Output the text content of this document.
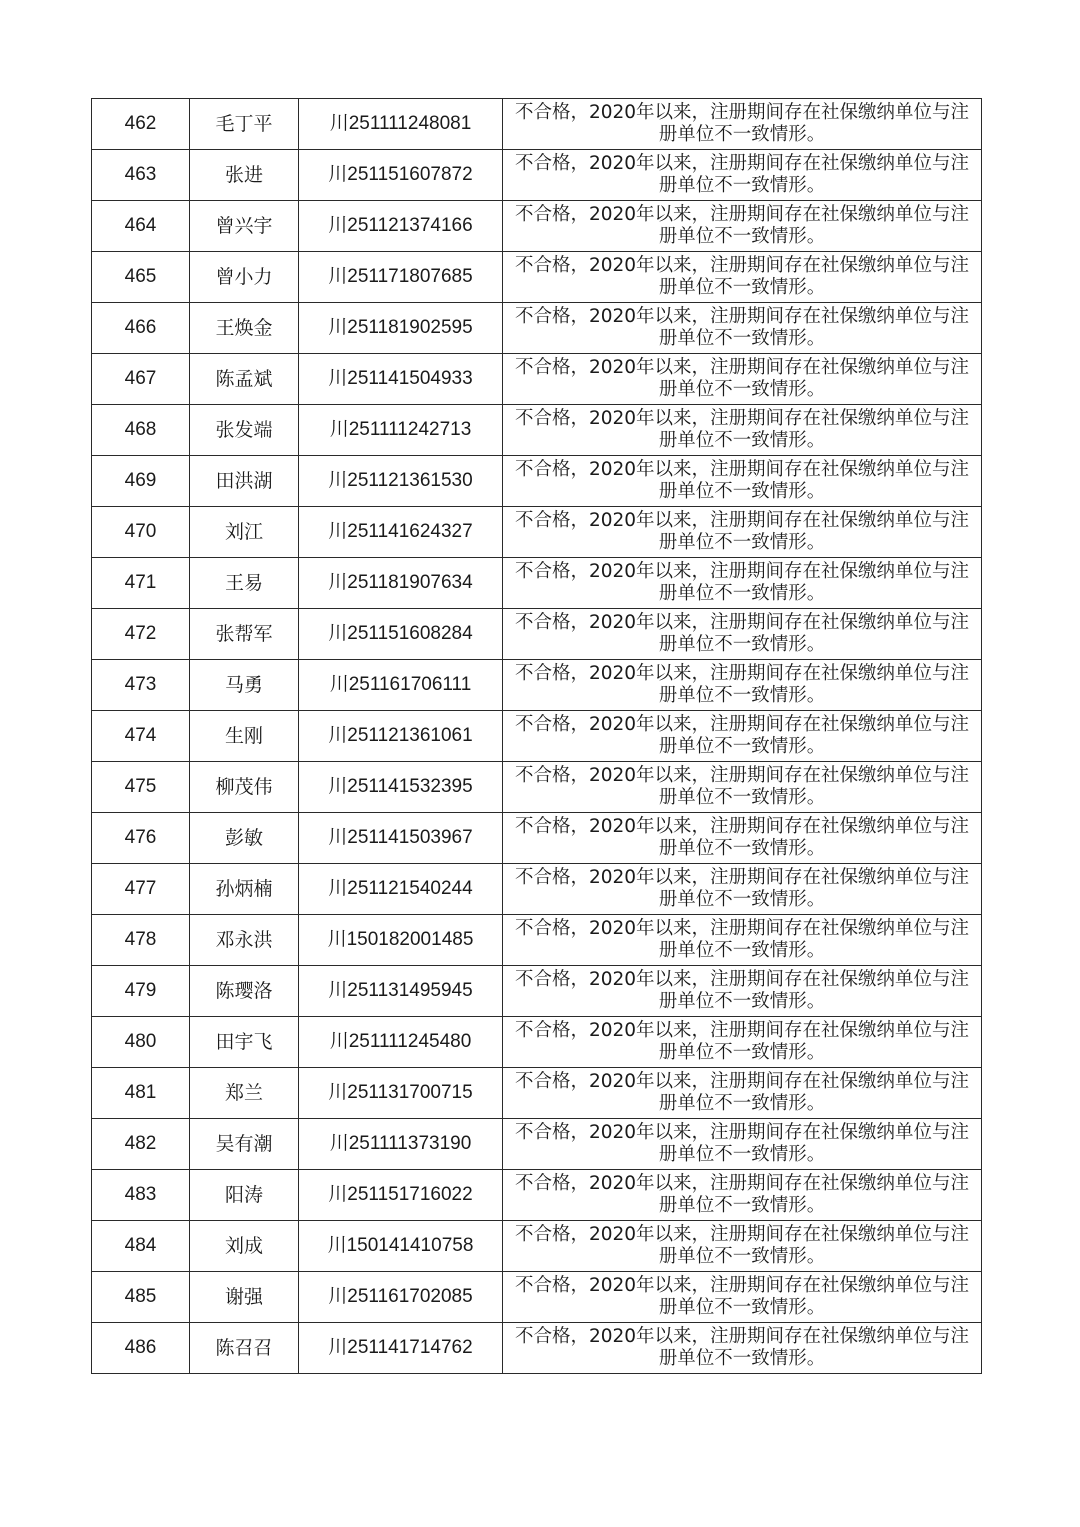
462	毛丁平	川251111248081	不合格，2020年以来，注册期间存在社保缴纳单位与注册单位不一致情形。
463	张进	川251151607872	不合格，2020年以来，注册期间存在社保缴纳单位与注册单位不一致情形。
464	曾兴宇	川251121374166	不合格，2020年以来，注册期间存在社保缴纳单位与注册单位不一致情形。
465	曾小力	川251171807685	不合格，2020年以来，注册期间存在社保缴纳单位与注册单位不一致情形。
466	王焕金	川251181902595	不合格，2020年以来，注册期间存在社保缴纳单位与注册单位不一致情形。
467	陈孟斌	川251141504933	不合格，2020年以来，注册期间存在社保缴纳单位与注册单位不一致情形。
468	张发端	川251111242713	不合格，2020年以来，注册期间存在社保缴纳单位与注册单位不一致情形。
469	田洪湖	川251121361530	不合格，2020年以来，注册期间存在社保缴纳单位与注册单位不一致情形。
470	刘江	川251141624327	不合格，2020年以来，注册期间存在社保缴纳单位与注册单位不一致情形。
471	王易	川251181907634	不合格，2020年以来，注册期间存在社保缴纳单位与注册单位不一致情形。
472	张帮军	川251151608284	不合格，2020年以来，注册期间存在社保缴纳单位与注册单位不一致情形。
473	马勇	川251161706111	不合格，2020年以来，注册期间存在社保缴纳单位与注册单位不一致情形。
474	生刚	川251121361061	不合格，2020年以来，注册期间存在社保缴纳单位与注册单位不一致情形。
475	柳茂伟	川251141532395	不合格，2020年以来，注册期间存在社保缴纳单位与注册单位不一致情形。
476	彭敏	川251141503967	不合格，2020年以来，注册期间存在社保缴纳单位与注册单位不一致情形。
477	孙炳楠	川251121540244	不合格，2020年以来，注册期间存在社保缴纳单位与注册单位不一致情形。
478	邓永洪	川150182001485	不合格，2020年以来，注册期间存在社保缴纳单位与注册单位不一致情形。
479	陈璎洛	川251131495945	不合格，2020年以来，注册期间存在社保缴纳单位与注册单位不一致情形。
480	田宇飞	川251111245480	不合格，2020年以来，注册期间存在社保缴纳单位与注册单位不一致情形。
481	郑兰	川251131700715	不合格，2020年以来，注册期间存在社保缴纳单位与注册单位不一致情形。
482	吴有潮	川251111373190	不合格，2020年以来，注册期间存在社保缴纳单位与注册单位不一致情形。
483	阳涛	川251151716022	不合格，2020年以来，注册期间存在社保缴纳单位与注册单位不一致情形。
484	刘成	川150141410758	不合格，2020年以来，注册期间存在社保缴纳单位与注册单位不一致情形。
485	谢强	川251161702085	不合格，2020年以来，注册期间存在社保缴纳单位与注册单位不一致情形。
486	陈召召	川251141714762	不合格，2020年以来，注册期间存在社保缴纳单位与注册单位不一致情形。
